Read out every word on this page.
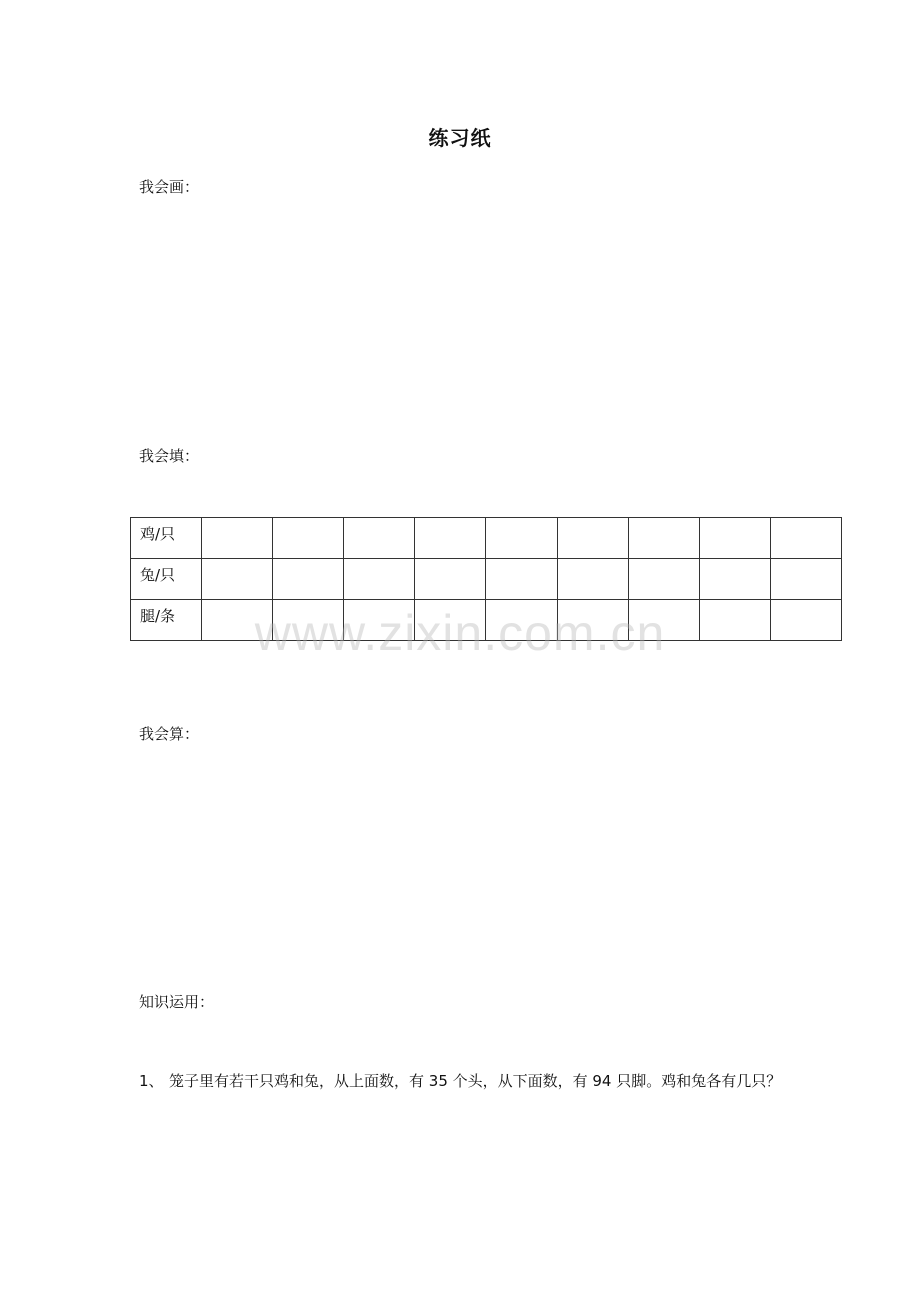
练习纸
我会画：
我会填：
鸡/只									
兔/只									
腿/条										www.zixin.com.cn
我会算：
知识运用：
1、 笼子里有若干只鸡和兔，从上面数，有 35 个头，从下面数，有 94 只脚。鸡和兔各有几只？
